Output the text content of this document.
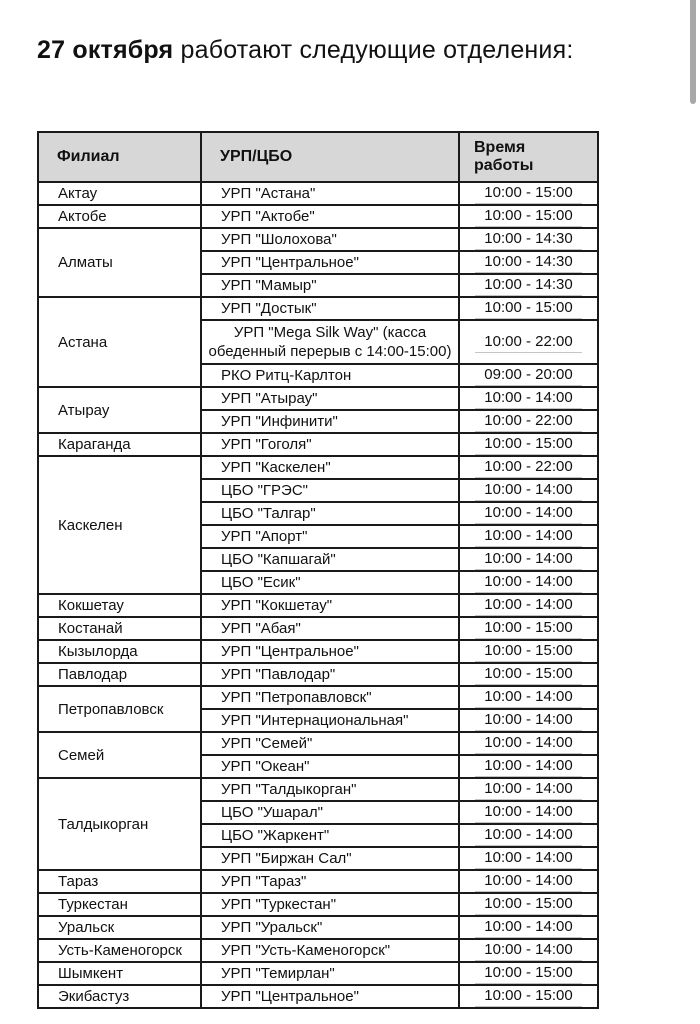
27 октября работают следующие отделения:
Филиал	УРП/ЦБО	Время работы
Актау	УРП "Астана"	10:00 - 15:00
Актобе	УРП "Актобе"	10:00 - 15:00
Алматы	УРП "Шолохова"	10:00 - 14:30
	УРП "Центральное"	10:00 - 14:30
	УРП "Мамыр"	10:00 - 14:30
Астана	УРП "Достык"	10:00 - 15:00
	УРП "Mega Silk Way" (касса обеденный перерыв с 14:00-15:00)	10:00 - 22:00
	РКО Ритц-Карлтон	09:00 - 20:00
Атырау	УРП "Атырау"	10:00 - 14:00
	УРП "Инфинити"	10:00 - 22:00
Караганда	УРП "Гоголя"	10:00 - 15:00
Каскелен	УРП "Каскелен"	10:00 - 22:00
	ЦБО "ГРЭС"	10:00 - 14:00
	ЦБО "Талгар"	10:00 - 14:00
	УРП "Апорт"	10:00 - 14:00
	ЦБО "Капшагай"	10:00 - 14:00
	ЦБО "Есик"	10:00 - 14:00
Кокшетау	УРП "Кокшетау"	10:00 - 14:00
Костанай	УРП "Абая"	10:00 - 15:00
Кызылорда	УРП "Центральное"	10:00 - 15:00
Павлодар	УРП "Павлодар"	10:00 - 15:00
Петропавловск	УРП "Петропавловск"	10:00 - 14:00
	УРП "Интернациональная"	10:00 - 14:00
Семей	УРП "Семей"	10:00 - 14:00
	УРП "Океан"	10:00 - 14:00
Талдыкорган	УРП "Талдыкорган"	10:00 - 14:00
	ЦБО "Ушарал"	10:00 - 14:00
	ЦБО "Жаркент"	10:00 - 14:00
	УРП "Биржан Сал"	10:00 - 14:00
Тараз	УРП "Тараз"	10:00 - 14:00
Туркестан	УРП "Туркестан"	10:00 - 15:00
Уральск	УРП "Уральск"	10:00 - 14:00
Усть-Каменогорск	УРП "Усть-Каменогорск"	10:00 - 14:00
Шымкент	УРП "Темирлан"	10:00 - 15:00
Экибастуз	УРП "Центральное"	10:00 - 15:00
